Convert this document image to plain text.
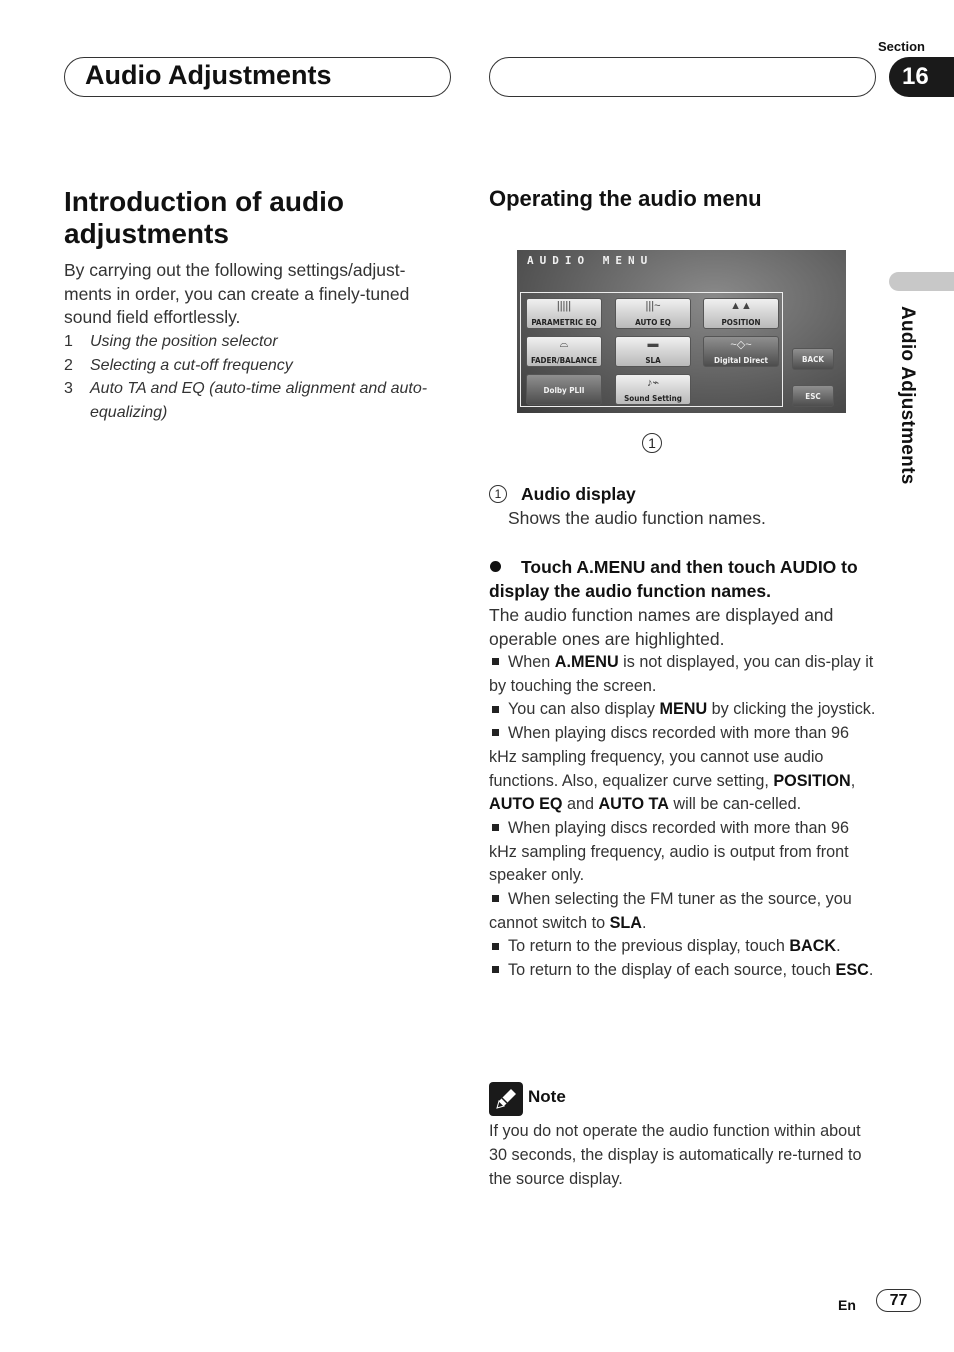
Audio Adjustments
Section
16
Audio Adjustments
Introduction of audio adjustments
By carrying out the following settings/adjust-ments in order, you can create a finely-tuned sound field effortlessly.
1	Using the position selector
2	Selecting a cut-off frequency
3	Auto TA and EQ (auto-time alignment and auto-equalizing)
Operating the audio menu
AUDIO MENU
|||||
PARAMETRIC EQ
|||~
AUTO EQ
▲▲
POSITION
⌓
FADER/BALANCE
▬
SLA
~◇~
Digital Direct	BACK
Dolby PLII
♪⌁
Sound Setting	ESC
1
1	Audio display
Shows the audio function names.
Touch A.MENU and then touch AUDIO to display the audio function names.
The audio function names are displayed and operable ones are highlighted.

When A.MENU is not displayed, you can dis-play it by touching the screen.

You can also display MENU by clicking the joystick.

When playing discs recorded with more than 96 kHz sampling frequency, you cannot use audio functions. Also, equalizer curve setting, POSITION, AUTO EQ and AUTO TA will be can-celled.

When playing discs recorded with more than 96 kHz sampling frequency, audio is output from front speaker only.

When selecting the FM tuner as the source, you cannot switch to SLA.

To return to the previous display, touch BACK.

To return to the display of each source, touch ESC.

Note
If you do not operate the audio function within about 30 seconds, the display is automatically re-turned to the source display.
En	77
